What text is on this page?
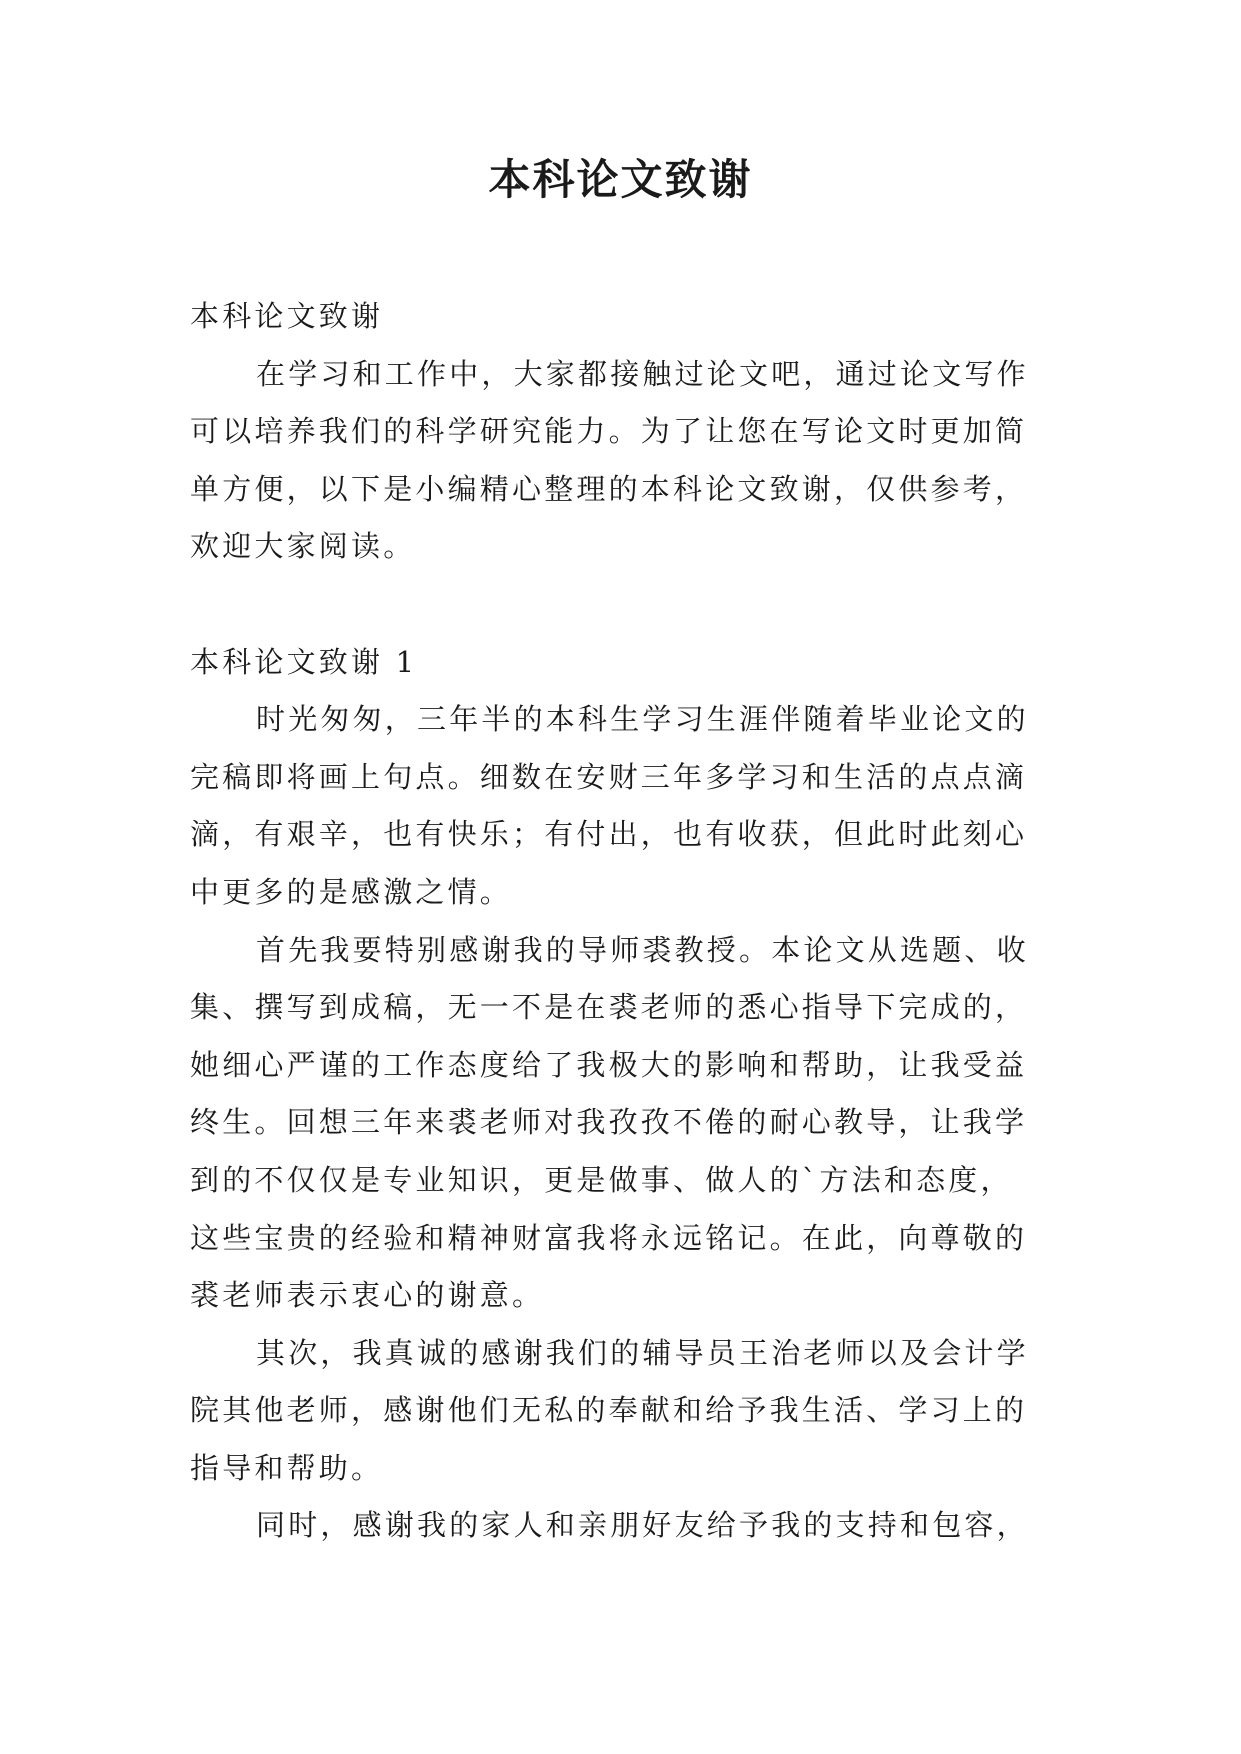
本科论文致谢

本科论文致谢

在学习和工作中，大家都接触过论文吧，通过论文写作
可以培养我们的科学研究能力。为了让您在写论文时更加简
单方便，以下是小编精心整理的本科论文致谢，仅供参考，
欢迎大家阅读。

本科论文致谢 1

时光匆匆，三年半的本科生学习生涯伴随着毕业论文的
完稿即将画上句点。细数在安财三年多学习和生活的点点滴
滴，有艰辛，也有快乐；有付出，也有收获，但此时此刻心
中更多的是感激之情。

首先我要特别感谢我的导师裘教授。本论文从选题、收
集、撰写到成稿，无一不是在裘老师的悉心指导下完成的，
她细心严谨的工作态度给了我极大的影响和帮助，让我受益
终生。回想三年来裘老师对我孜孜不倦的耐心教导，让我学
到的不仅仅是专业知识，更是做事、做人的`方法和态度，
这些宝贵的经验和精神财富我将永远铭记。在此，向尊敬的
裘老师表示衷心的谢意。

其次，我真诚的感谢我们的辅导员王治老师以及会计学
院其他老师，感谢他们无私的奉献和给予我生活、学习上的
指导和帮助。

同时，感谢我的家人和亲朋好友给予我的支持和包容，
